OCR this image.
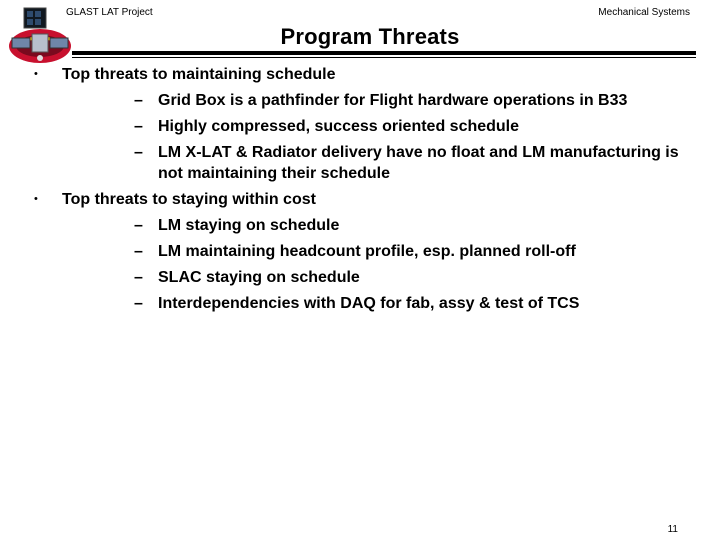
GLAST LAT Project	Mechanical Systems
Program Threats
• Top threats to maintaining schedule
– Grid Box is a pathfinder for Flight hardware operations in B33
– Highly compressed, success oriented schedule
– LM X-LAT & Radiator delivery have no float and LM manufacturing is not maintaining their schedule
• Top threats to staying within cost
– LM staying on schedule
– LM maintaining headcount profile, esp. planned roll-off
– SLAC staying on schedule
– Interdependencies with DAQ for fab, assy & test of TCS
11
